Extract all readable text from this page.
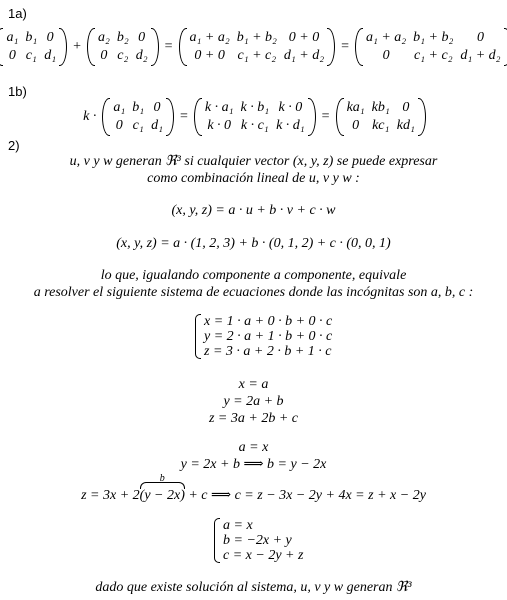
1a)
1b)
2)
a₁ b₁ 0
0 c₁ d₁
+
a₂ b₂ 0
0 c₂ d₂
=
a₁ + a₂ b₁ + b₂ 0 + 0
0 + 0 c₁ + c₂ d₁ + d₂
=
a₁ + a₂ b₁ + b₂	0
0	c₁ + c₂ d₁ + d₂
k ·
a₁ b₁ 0
0 c₁ d₁
=
k · a₁ k · b₁ k · 0
k · 0 k · c₁ k · d₁
=
ka₁ kb₁ 0
0 kc₁ kd₁
u, v y w generan ℜ³ si cualquier vector (x, y, z) se puede expresar
como combinación lineal de u, v y w :
(x, y, z) = a · u + b · v + c · w
(x, y, z) = a · (1, 2, 3) + b · (0, 1, 2) + c · (0, 0, 1)
lo que, igualando componente a componente, equivale
a resolver el siguiente sistema de ecuaciones donde las incógnitas son a, b, c :
x = 1 · a + 0 · b + 0 · c
y = 2 · a + 1 · b + 0 · c
z = 3 · a + 2 · b + 1 · c
x = a
y = 2a + b
z = 3a + 2b + c
a = x
y = 2x + b ⟹ b = y − 2x
z = 3x + 2
b
(y − 2x) + c ⟹ c = z − 3x − 2y + 4x = z + x − 2y
a = x
b = −2x + y
c = x − 2y + z
dado que existe solución al sistema, u, v y w generan ℜ³
